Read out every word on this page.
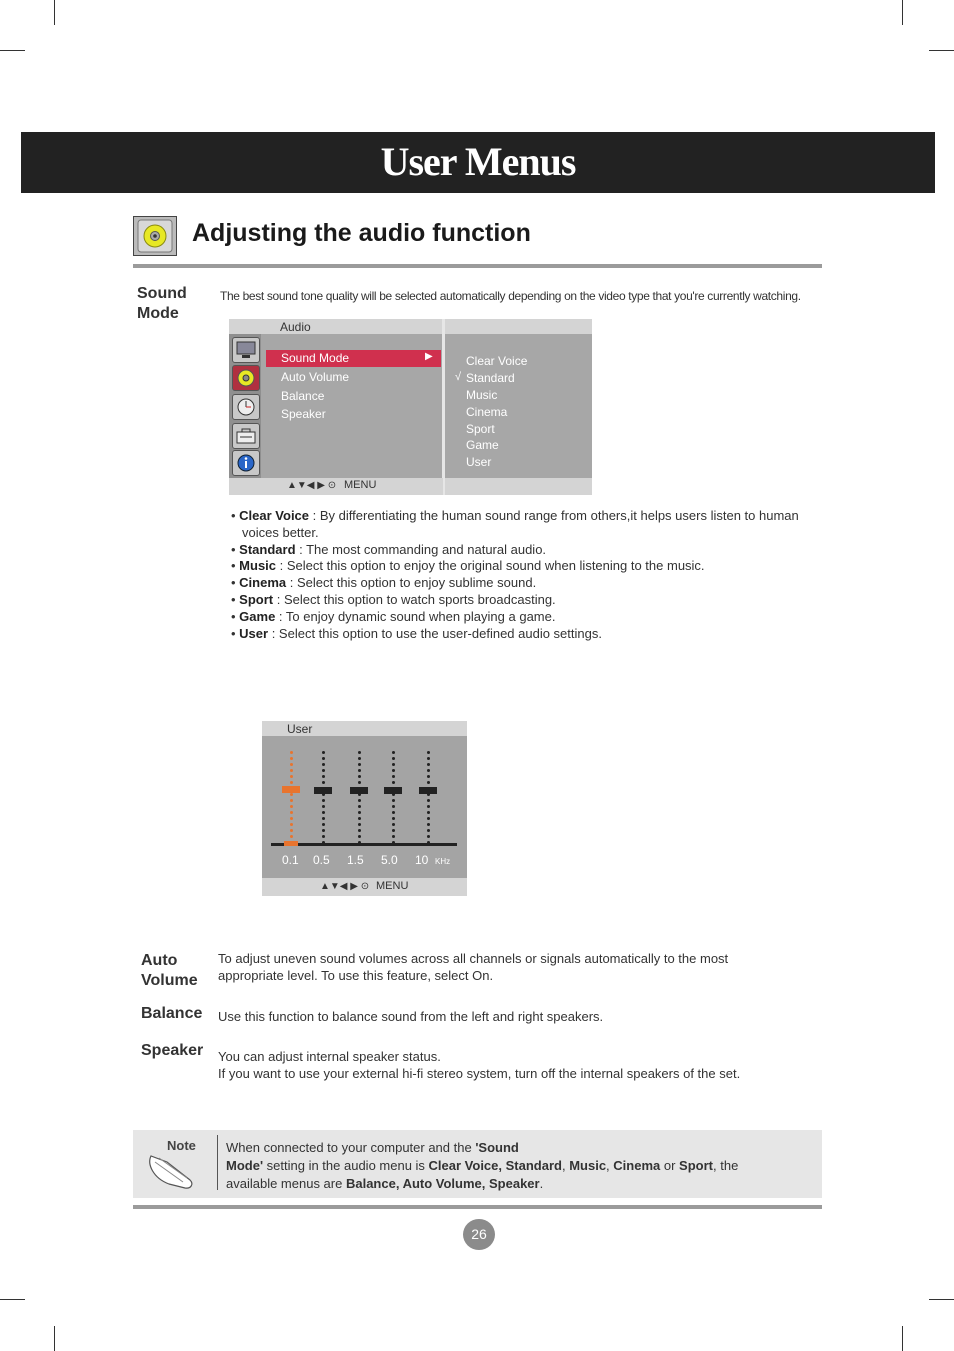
User Menus
Adjusting the audio function
Sound
Mode
The best sound tone quality will be selected automatically depending on the video type that you're currently watching.
Audio
Sound Mode	▶
Auto Volume
Balance
Speaker
Clear Voice
√ Standard
Music
Cinema
Sport
Game
User
▲▼◀ ▶ ⊙ MENU
• Clear Voice : By differentiating the human sound range from others,it helps users listen to human voices better.
• Standard : The most commanding and natural audio.
• Music : Select this option to enjoy the original sound when listening to the music.
• Cinema : Select this option to enjoy sublime sound.
• Sport : Select this option to watch sports broadcasting.
• Game : To enjoy dynamic sound when playing a game.
• User : Select this option to use the user-defined audio settings.
User
0.1 0.5 1.5 5.0 10 KHz
▲▼◀ ▶ ⊙ MENU
Auto
Volume
To adjust uneven sound volumes across all channels or signals automatically to the most
appropriate level. To use this feature, select On.
Balance Use this function to balance sound from the left and right speakers.
Speaker You can adjust internal speaker status.
If you want to use your external hi-fi stereo system, turn off the internal speakers of the set.
Note When connected to your computer and the 'Sound
Mode' setting in the audio menu is Clear Voice, Standard, Music, Cinema or Sport, the
available menus are Balance, Auto Volume, Speaker.
26
